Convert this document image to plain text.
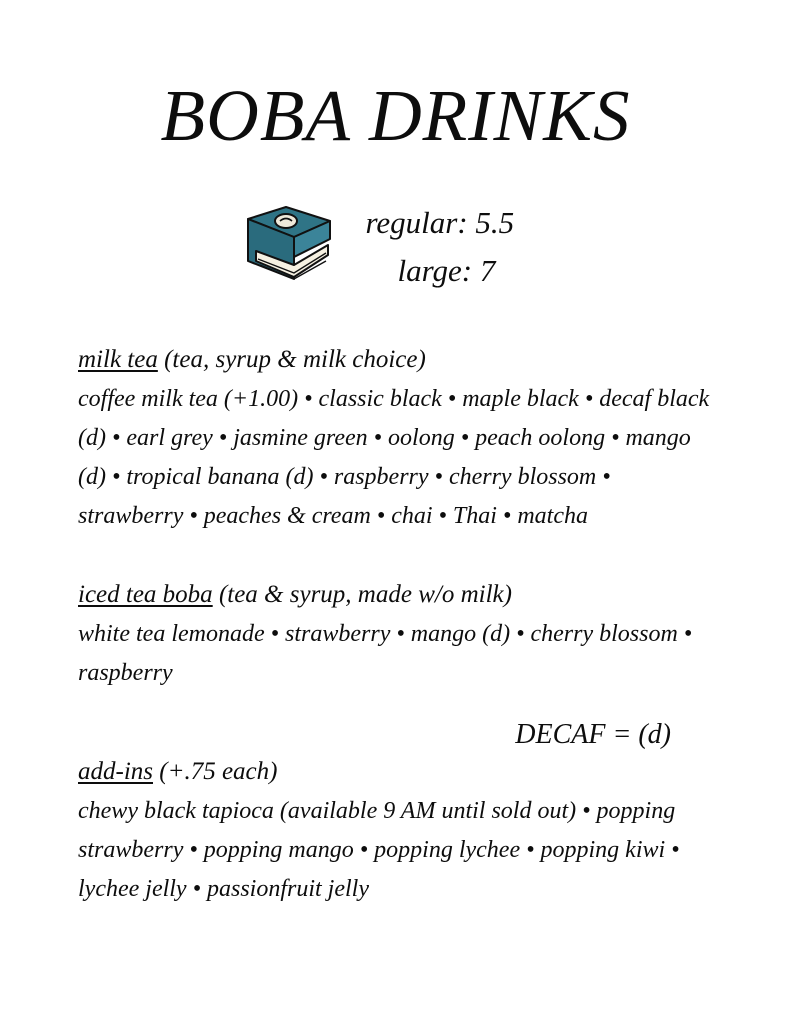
BOBA DRINKS
regular: 5.5
large: 7
milk tea (tea, syrup & milk choice)
coffee milk tea (+1.00) • classic black • maple black • decaf black (d) • earl grey • jasmine green • oolong • peach oolong • mango (d) • tropical banana (d) • raspberry • cherry blossom • strawberry • peaches & cream • chai • Thai • matcha
iced tea boba (tea & syrup, made w/o milk)
white tea lemonade • strawberry • mango (d) • cherry blossom • raspberry
DECAF = (d)
add-ins (+.75 each)
chewy black tapioca (available 9 AM until sold out) • popping strawberry • popping mango • popping lychee • popping kiwi • lychee jelly • passionfruit jelly
